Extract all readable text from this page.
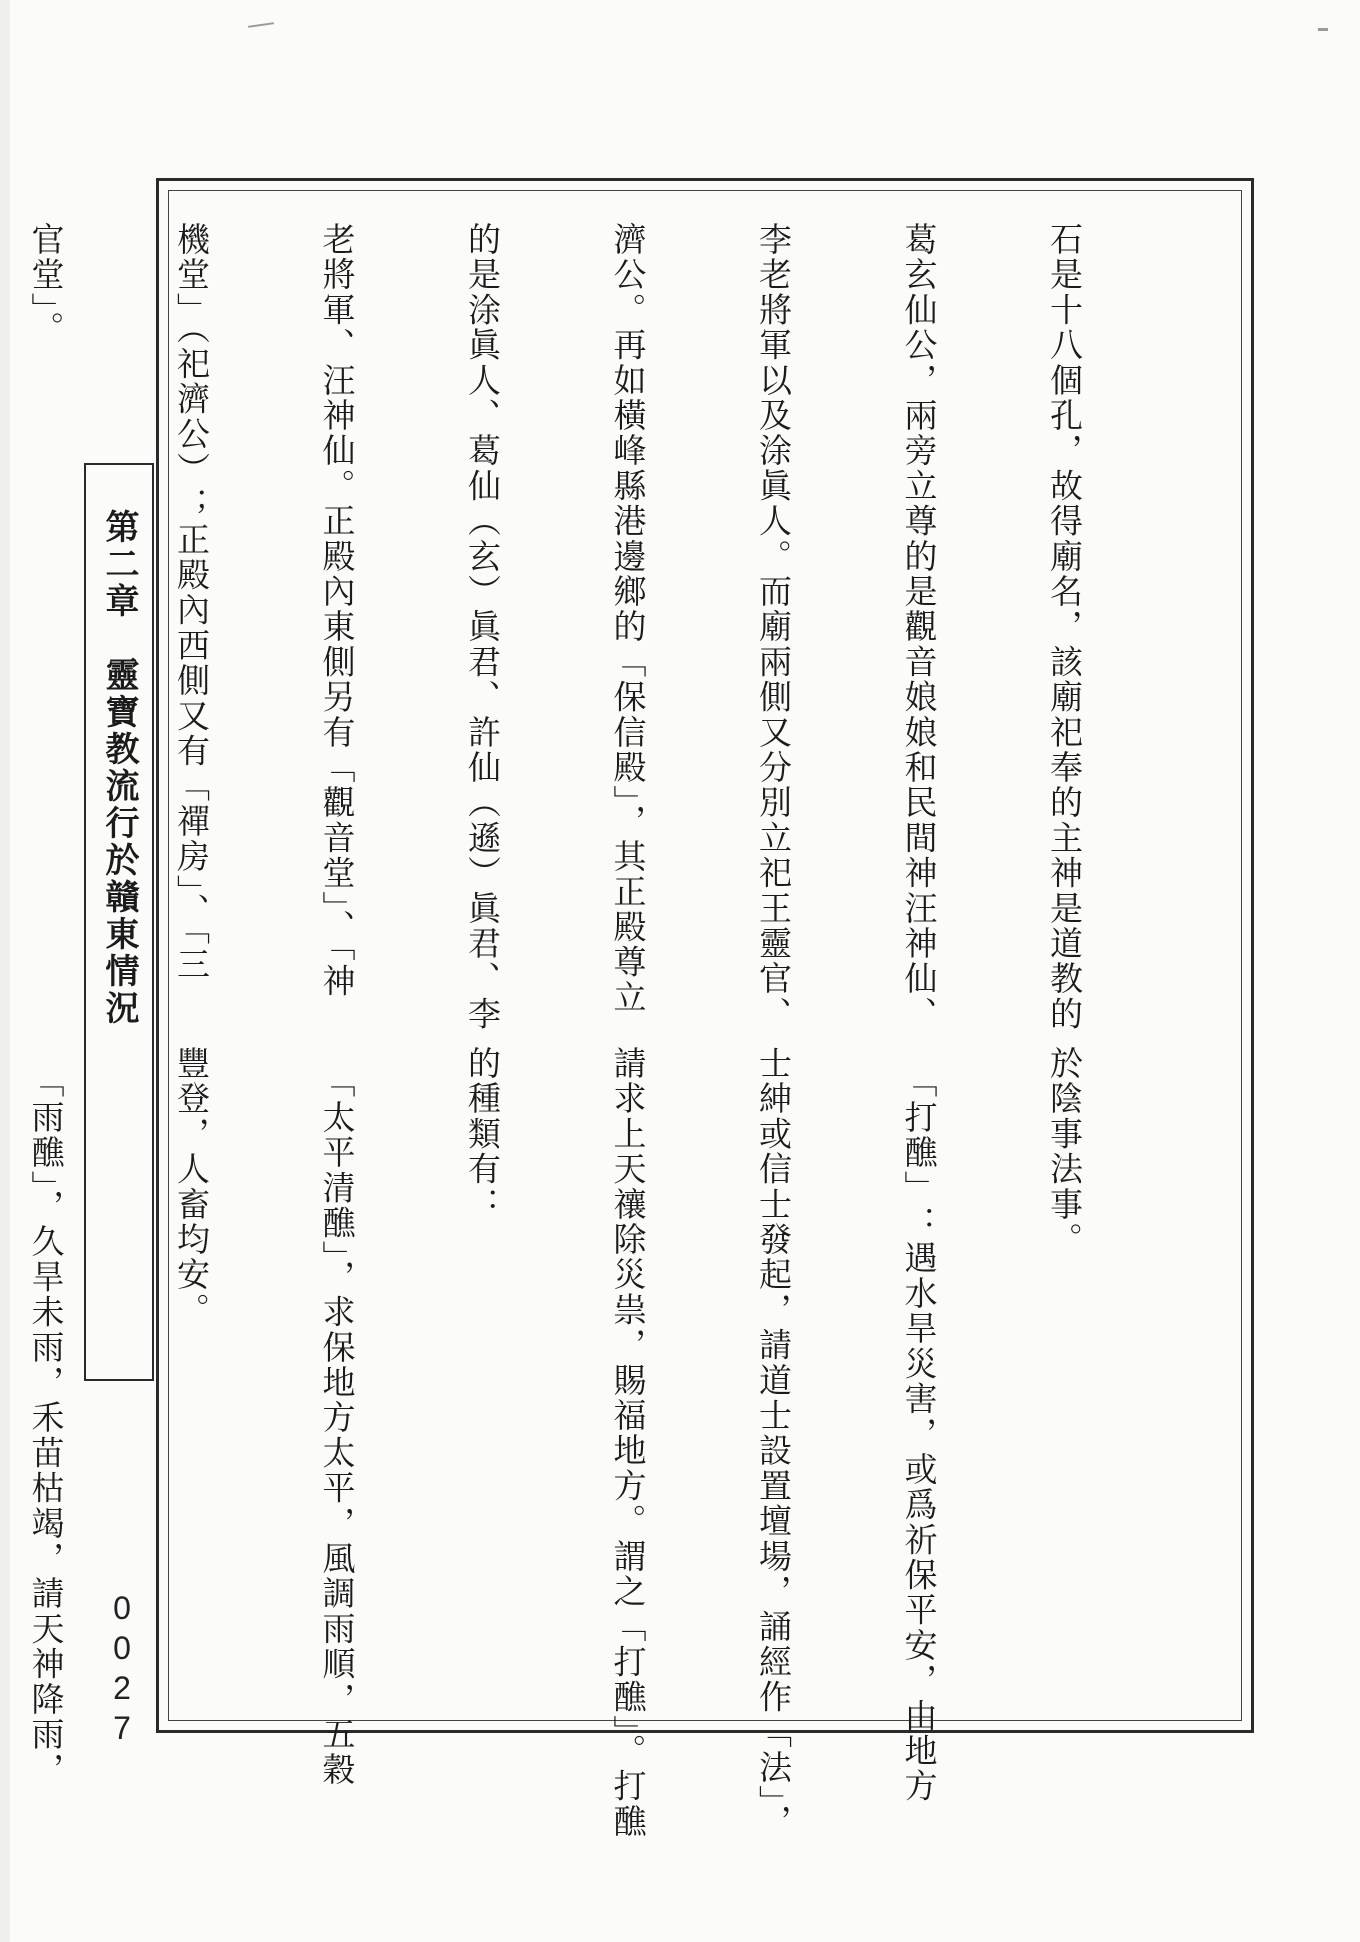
第二章　靈寶教流行於贛東情況
0027

石是十八個孔，故得廟名，該廟祀奉的主神是道教的

葛玄仙公，兩旁立尊的是觀音娘娘和民間神汪神仙、

李老將軍以及涂眞人。而廟兩側又分別立祀王靈官、

濟公。再如橫峰縣港邊鄉的「保信殿」，其正殿尊立

的是涂眞人、葛仙（玄）眞君、許仙（遜）眞君、李

老將軍、汪神仙。正殿內東側另有「觀音堂」、「神

機堂」（祀濟公）；正殿內西側又有「禪房」、「三

官堂」。

於陰事法事。

　「打醮」：遇水旱災害，或爲祈保平安，由地方

士紳或信士發起，請道士設置壇場，誦經作「法」，

請求上天禳除災祟，賜福地方。謂之「打醮」。打醮

的種類有：

　「太平清醮」，求保地方太平，風調雨順，五穀

豐登，人畜均安。

　「雨醮」，久旱未雨，禾苗枯竭，請天神降雨，
